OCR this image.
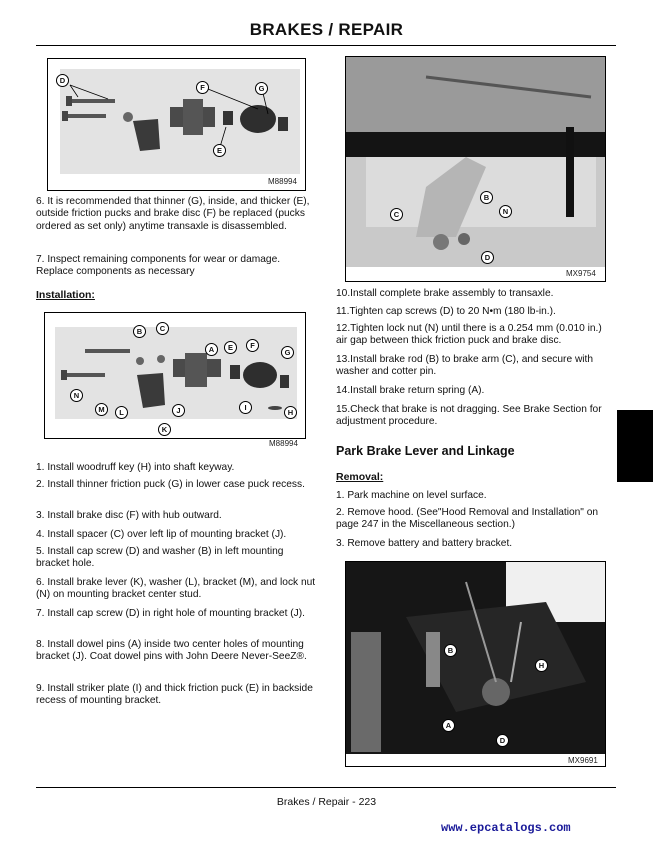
BRAKES / REPAIR
D
G
F
E
M88994
6. It is recommended that thinner (G), inside, and thicker (E), outside friction pucks and brake disc (F) be replaced (pucks ordered as set only) anytime transaxle is disassembled.
7. Inspect remaining components for wear or damage. Replace components as necessary
Installation:
B	C
A	E	F
G
N
M	L	J	I
H
K
M88994
1. Install woodruff key (H) into shaft keyway.
2. Install thinner friction puck (G) in lower case puck recess.
3. Install brake disc (F) with hub outward.
4. Install spacer (C) over left lip of mounting bracket (J).
5. Install cap screw (D) and washer (B) in left mounting bracket hole.
6. Install brake lever (K), washer (L), bracket (M), and lock nut (N) on mounting bracket center stud.
7. Install cap screw (D) in right hole of mounting bracket (J).
8. Install dowel pins (A) inside two center holes of mounting bracket (J). Coat dowel pins with John Deere Never-SeeZ®.
9. Install striker plate (I) and thick friction puck (E) in backside recess of mounting bracket.
B
N
C
D
MX9754
10.Install complete brake assembly to transaxle.
11.Tighten cap screws (D) to 20 N•m (180 lb-in.).
12.Tighten lock nut (N) until there is a 0.254 mm (0.010 in.) air gap between thick friction puck and brake disc.
13.Install brake rod (B) to brake arm (C), and secure with washer and cotter pin.
14.Install brake return spring (A).
15.Check that brake is not dragging. See Brake Section for adjustment procedure.
Park Brake Lever and Linkage
Removal:
1. Park machine on level surface.
2. Remove hood. (See"Hood Removal and Installation" on page 247 in the Miscellaneous section.)
3. Remove battery and battery bracket.
B
H
A
D
MX9691
Brakes / Repair - 223
www.epcatalogs.com
